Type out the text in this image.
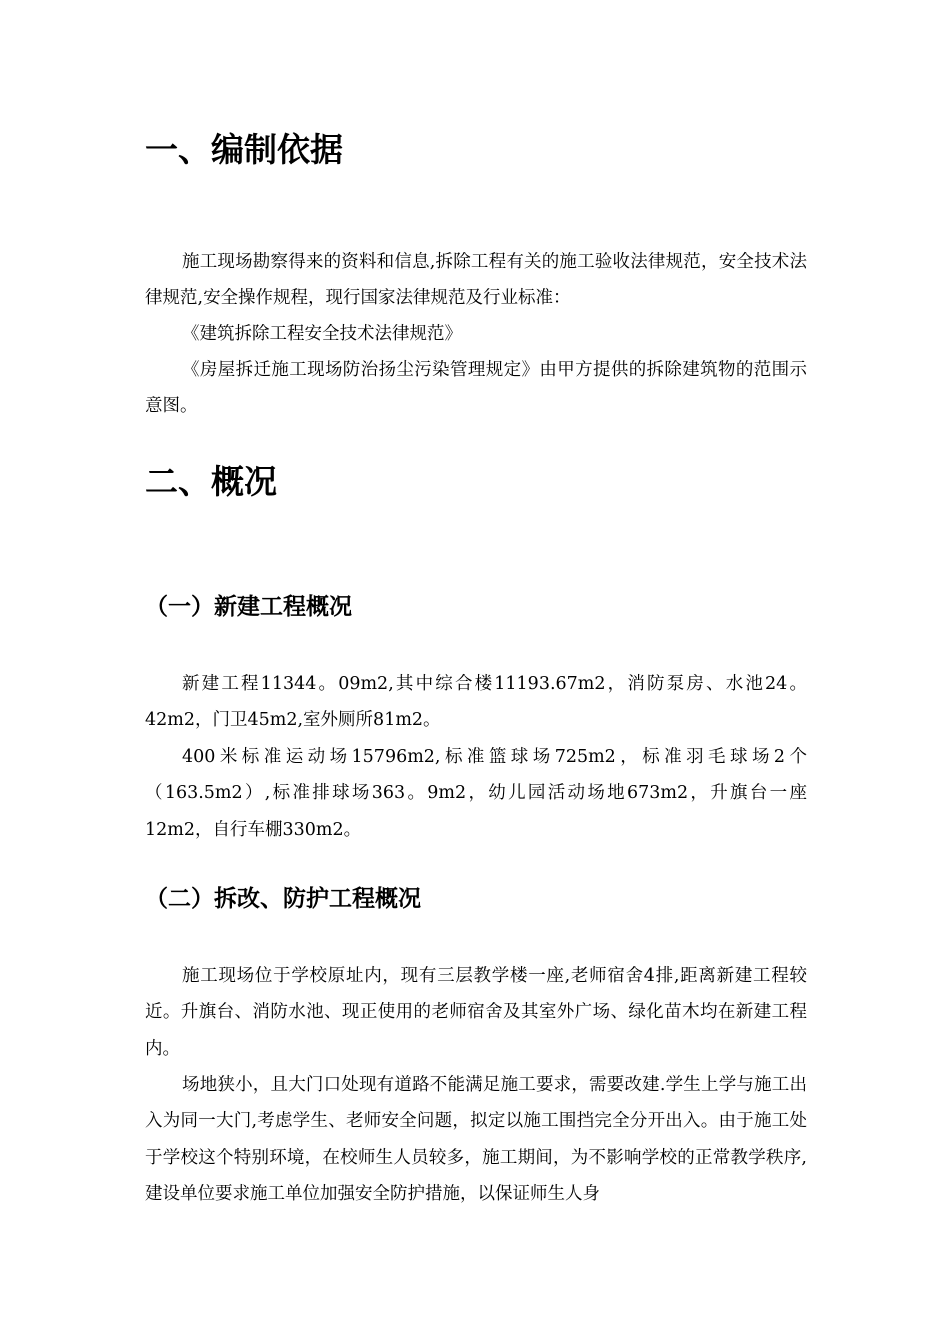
一、编制依据

施工现场勘察得来的资料和信息,拆除工程有关的施工验收法律规范，安全技术法律规范,安全操作规程，现行国家法律规范及行业标准：

《建筑拆除工程安全技术法律规范》

《房屋拆迁施工现场防治扬尘污染管理规定》由甲方提供的拆除建筑物的范围示意图。

二、概况
（一）新建工程概况

新建工程11344。09m2,其中综合楼11193.67m2，消防泵房、水池24。42m2，门卫45m2,室外厕所81m2。

400米标准运动场15796m2,标准篮球场725m2，标准羽毛球场2个（163.5m2）,标准排球场363。9m2，幼儿园活动场地673m2，升旗台一座12m2，自行车棚330m2。

（二）拆改、防护工程概况

施工现场位于学校原址内，现有三层教学楼一座,老师宿舍4排,距离新建工程较近。升旗台、消防水池、现正使用的老师宿舍及其室外广场、绿化苗木均在新建工程内。

场地狭小，且大门口处现有道路不能满足施工要求，需要改建.学生上学与施工出入为同一大门,考虑学生、老师安全问题，拟定以施工围挡完全分开出入。由于施工处于学校这个特别环境，在校师生人员较多，施工期间，为不影响学校的正常教学秩序,建设单位要求施工单位加强安全防护措施，以保证师生人身
